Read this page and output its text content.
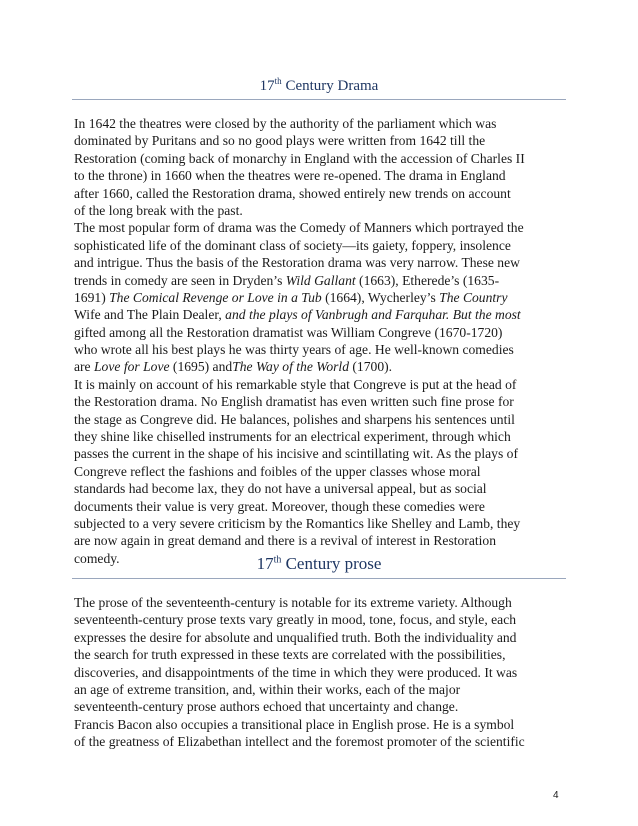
17th Century Drama
In 1642 the theatres were closed by the authority of the parliament which was
dominated by Puritans and so no good plays were written from 1642 till the
Restoration (coming back of monarchy in England with the accession of Charles II
to the throne) in 1660 when the theatres were re-opened. The drama in England
after 1660, called the Restoration drama, showed entirely new trends on account
of the long break with the past.
The most popular form of drama was the Comedy of Manners which portrayed the
sophisticated life of the dominant class of society—its gaiety, foppery, insolence
and intrigue. Thus the basis of the Restoration drama was very narrow. These new
trends in comedy are seen in Dryden’s Wild Gallant (1663), Etherede’s (1635-
1691) The Comical Revenge or Love in a Tub (1664), Wycherley’s The Country
Wife and The Plain Dealer, and the plays of Vanbrugh and Farquhar. But the most
gifted among all the Restoration dramatist was William Congreve (1670-1720)
who wrote all his best plays he was thirty years of age. He well-known comedies
are Love for Love (1695) andThe Way of the World (1700).
It is mainly on account of his remarkable style that Congreve is put at the head of
the Restoration drama. No English dramatist has even written such fine prose for
the stage as Congreve did. He balances, polishes and sharpens his sentences until
they shine like chiselled instruments for an electrical experiment, through which
passes the current in the shape of his incisive and scintillating wit. As the plays of
Congreve reflect the fashions and foibles of the upper classes whose moral
standards had become lax, they do not have a universal appeal, but as social
documents their value is very great. Moreover, though these comedies were
subjected to a very severe criticism by the Romantics like Shelley and Lamb, they
are now again in great demand and there is a revival of interest in Restoration
comedy.	17th Century prose
The prose of the seventeenth-century is notable for its extreme variety. Although
seventeenth-century prose texts vary greatly in mood, tone, focus, and style, each
expresses the desire for absolute and unqualified truth. Both the individuality and
the search for truth expressed in these texts are correlated with the possibilities,
discoveries, and disappointments of the time in which they were produced. It was
an age of extreme transition, and, within their works, each of the major
seventeenth-century prose authors echoed that uncertainty and change.
Francis Bacon also occupies a transitional place in English prose. He is a symbol
of the greatness of Elizabethan intellect and the foremost promoter of the scientific
4
